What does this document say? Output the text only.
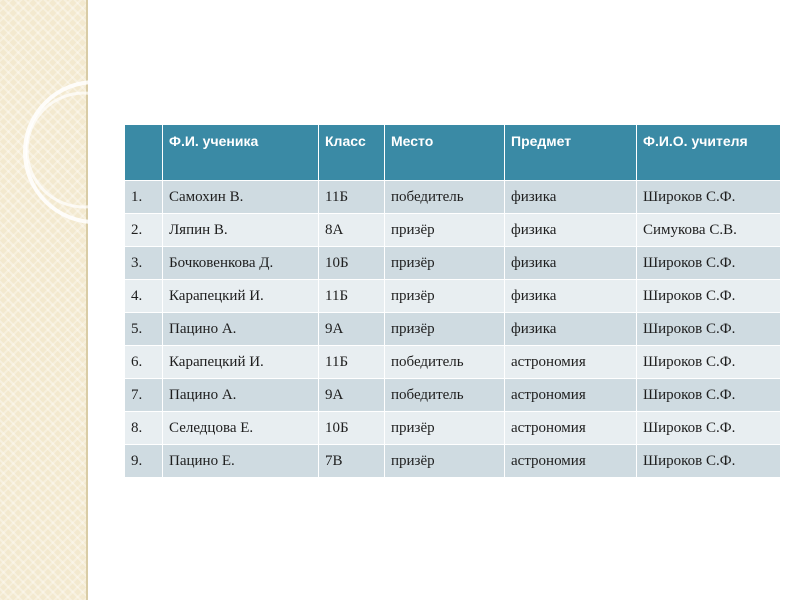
	Ф.И. ученика	Класс	Место	Предмет	Ф.И.О. учителя
1.	Самохин В.	11Б	победитель	физика	Широков С.Ф.
2.	Ляпин В.	8А	призёр	физика	Симукова С.В.
3.	Бочковенкова Д.	10Б	призёр	физика	Широков С.Ф.
4.	Карапецкий И.	11Б	призёр	физика	Широков С.Ф.
5.	Пацино А.	9А	призёр	физика	Широков С.Ф.
6.	Карапецкий И.	11Б	победитель	астрономия	Широков С.Ф.
7.	Пацино А.	9А	победитель	астрономия	Широков С.Ф.
8.	Селедцова Е.	10Б	призёр	астрономия	Широков С.Ф.
9.	Пацино Е.	7В	призёр	астрономия	Широков С.Ф.
